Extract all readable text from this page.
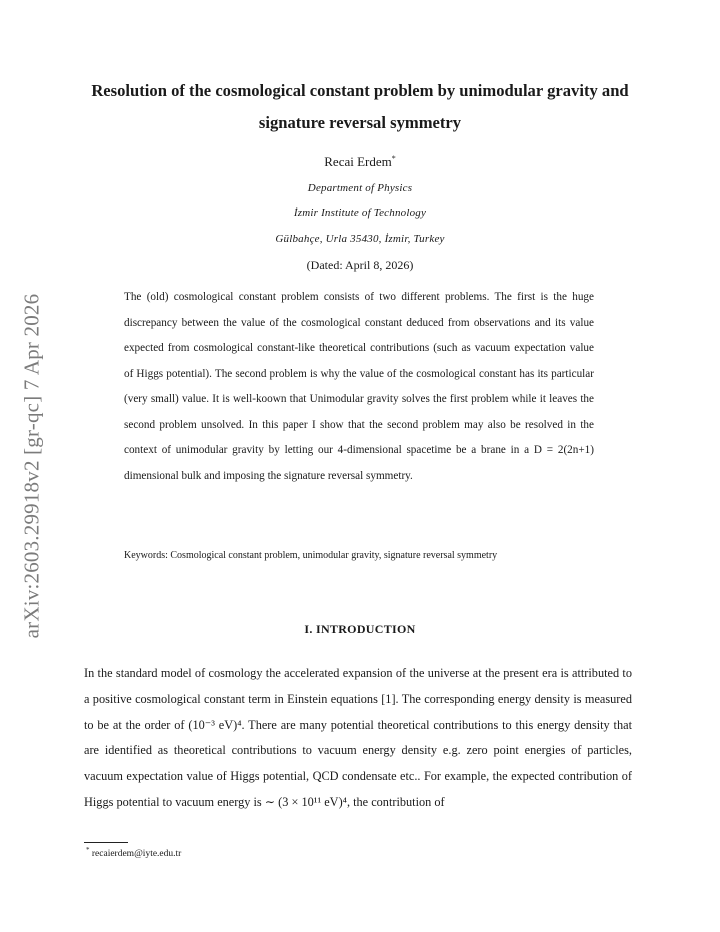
arXiv:2603.29918v2 [gr-qc] 7 Apr 2026
Resolution of the cosmological constant problem by unimodular gravity and signature reversal symmetry

Recai Erdem*

Department of Physics

İzmir Institute of Technology

Gülbahçe, Urla 35430, İzmir, Turkey

(Dated: April 8, 2026)

The (old) cosmological constant problem consists of two different problems. The first is the huge discrepancy between the value of the cosmological constant deduced from observations and its value expected from cosmological constant-like theoretical contributions (such as vacuum expectation value of Higgs potential). The second problem is why the value of the cosmological constant has its particular (very small) value. It is well-koown that Unimodular gravity solves the first problem while it leaves the second problem unsolved. In this paper I show that the second problem may also be resolved in the context of unimodular gravity by letting our 4-dimensional spacetime be a brane in a D = 2(2n+1) dimensional bulk and imposing the signature reversal symmetry.

Keywords: Cosmological constant problem, unimodular gravity, signature reversal symmetry

I. INTRODUCTION

In the standard model of cosmology the accelerated expansion of the universe at the present era is attributed to a positive cosmological constant term in Einstein equations [1]. The corresponding energy density is measured to be at the order of (10⁻³ eV)⁴. There are many potential theoretical contributions to this energy density that are identified as theoretical contributions to vacuum energy density e.g. zero point energies of particles, vacuum expectation value of Higgs potential, QCD condensate etc.. For example, the expected contribution of Higgs potential to vacuum energy is ∼ (3 × 10¹¹ eV)⁴, the contribution of

* recaierdem@iyte.edu.tr
